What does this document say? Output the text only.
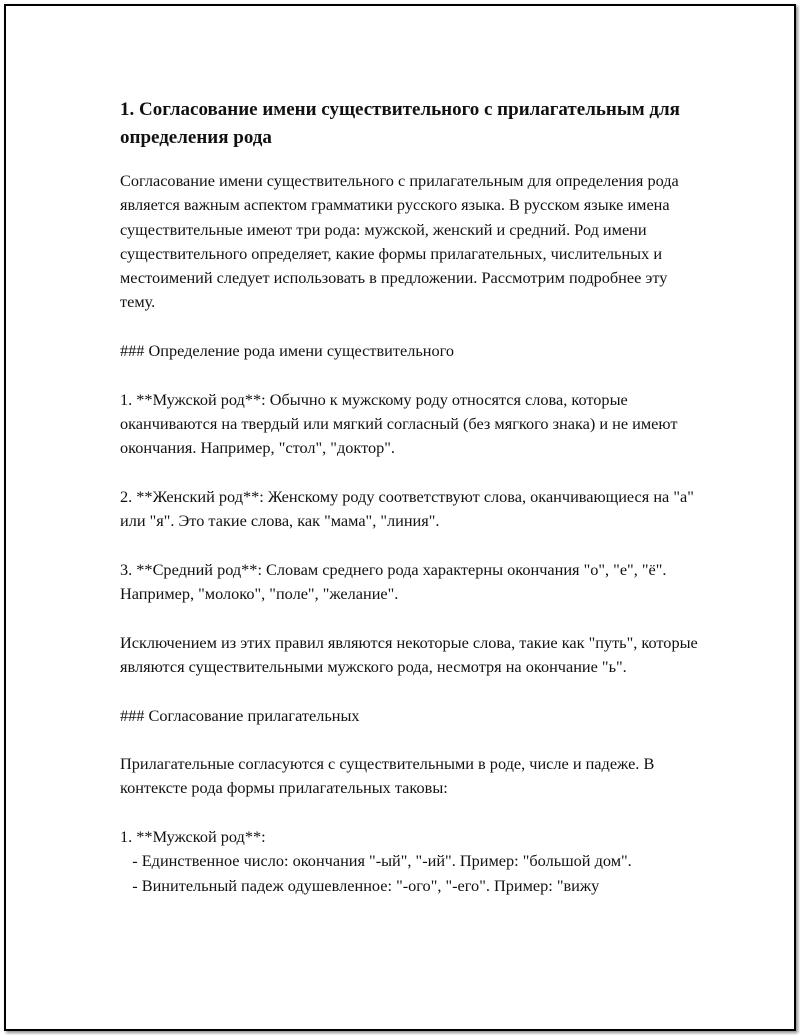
1. Согласование имени существительного с прилагательным для определения рода

Согласование имени существительного с прилагательным для определения рода является важным аспектом грамматики русского языка. В русском языке имена существительные имеют три рода: мужской, женский и средний. Род имени существительного определяет, какие формы прилагательных, числительных и местоимений следует использовать в предложении. Рассмотрим подробнее эту тему.

### Определение рода имени существительного

1. **Мужской род**: Обычно к мужскому роду относятся слова, которые оканчиваются на твердый или мягкий согласный (без мягкого знака) и не имеют окончания. Например, "стол", "доктор".

2. **Женский род**: Женскому роду соответствуют слова, оканчивающиеся на "а" или "я". Это такие слова, как "мама", "линия".

3. **Средний род**: Словам среднего рода характерны окончания "о", "е", "ё". Например, "молоко", "поле", "желание".

Исключением из этих правил являются некоторые слова, такие как "путь", которые являются существительными мужского рода, несмотря на окончание "ь".

### Согласование прилагательных

Прилагательные согласуются с существительными в роде, числе и падеже. В контексте рода формы прилагательных таковы:

1. **Мужской род**:
- Единственное число: окончания "-ый", "-ий". Пример: "большой дом".
- Винительный падеж одушевленное: "-ого", "-его". Пример: "вижу
